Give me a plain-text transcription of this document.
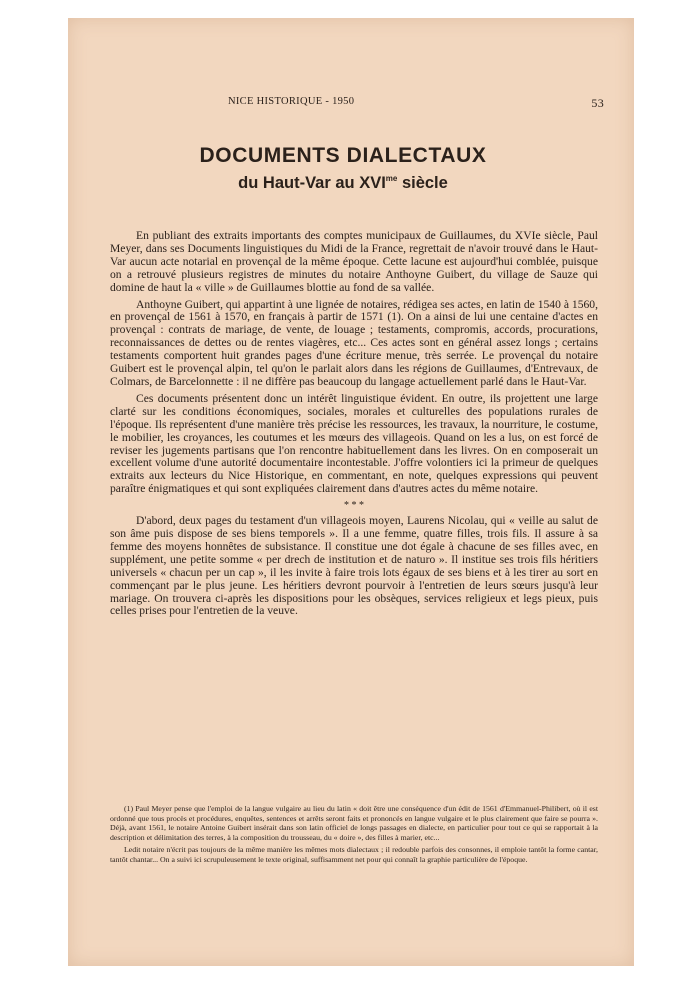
NICE HISTORIQUE - 1950	53
DOCUMENTS DIALECTAUX
du Haut-Var au $XVI^{me}$ siècle

En publiant des extraits importants des comptes municipaux de Guillaumes, du XVIe siècle, Paul Meyer, dans ses Documents linguistiques du Midi de la France, regrettait de n'avoir trouvé dans le Haut-Var aucun acte notarial en provençal de la même époque. Cette lacune est aujourd'hui comblée, puisque on a retrouvé plusieurs registres de minutes du notaire Anthoyne Guibert, du village de Sauze qui domine de haut la « ville » de Guillaumes blottie au fond de sa vallée.

Anthoyne Guibert, qui appartint à une lignée de notaires, rédigea ses actes, en latin de 1540 à 1560, en provençal de 1561 à 1570, en français à partir de 1571 (1). On a ainsi de lui une centaine d'actes en provençal : contrats de mariage, de vente, de louage ; testaments, compromis, accords, procurations, reconnaissances de dettes ou de rentes viagères, etc... Ces actes sont en général assez longs ; certains testaments comportent huit grandes pages d'une écriture menue, très serrée. Le provençal du notaire Guibert est le provençal alpin, tel qu'on le parlait alors dans les régions de Guillaumes, d'Entrevaux, de Colmars, de Barcelonnette : il ne diffère pas beaucoup du langage actuellement parlé dans le Haut-Var.

Ces documents présentent donc un intérêt linguistique évident. En outre, ils projettent une large clarté sur les conditions économiques, sociales, morales et culturelles des populations rurales de l'époque. Ils représentent d'une manière très précise les ressources, les travaux, la nourriture, le costume, le mobilier, les croyances, les coutumes et les mœurs des villageois. Quand on les a lus, on est forcé de reviser les jugements partisans que l'on rencontre habituellement dans les livres. On en composerait un excellent volume d'une autorité documentaire incontestable. J'offre volontiers ici la primeur de quelques extraits aux lecteurs du Nice Historique, en commentant, en note, quelques expressions qui peuvent paraître énigmatiques et qui sont expliquées clairement dans d'autres actes du même notaire.

* * *

D'abord, deux pages du testament d'un villageois moyen, Laurens Nicolau, qui « veille au salut de son âme puis dispose de ses biens temporels ». Il a une femme, quatre filles, trois fils. Il assure à sa femme des moyens honnêtes de subsistance. Il constitue une dot égale à chacune de ses filles avec, en supplément, une petite somme « per drech de institution et de naturo ». Il institue ses trois fils héritiers universels « chacun per un cap », il les invite à faire trois lots égaux de ses biens et à les tirer au sort en commençant par le plus jeune. Les héritiers devront pourvoir à l'entretien de leurs sœurs jusqu'à leur mariage. On trouvera ci-après les dispositions pour les obsèques, services religieux et legs pieux, puis celles prises pour l'entretien de la veuve.

(1) Paul Meyer pense que l'emploi de la langue vulgaire au lieu du latin « doit être une conséquence d'un édit de 1561 d'Emmanuel-Philibert, où il est ordonné que tous procès et procédures, enquêtes, sentences et arrêts seront faits et prononcés en langue vulgaire et le plus clairement que faire se pourra ». Déjà, avant 1561, le notaire Antoine Guibert insérait dans son latin officiel de longs passages en dialecte, en particulier pour tout ce qui se rapportait à la description et délimitation des terres, à la composition du trousseau, du « doire », des filles à marier, etc...

Ledit notaire n'écrit pas toujours de la même manière les mêmes mots dialectaux ; il redouble parfois des consonnes, il emploie tantôt la forme cantar, tantôt chantar... On a suivi ici scrupuleusement le texte original, suffisamment net pour qui connaît la graphie particulière de l'époque.
